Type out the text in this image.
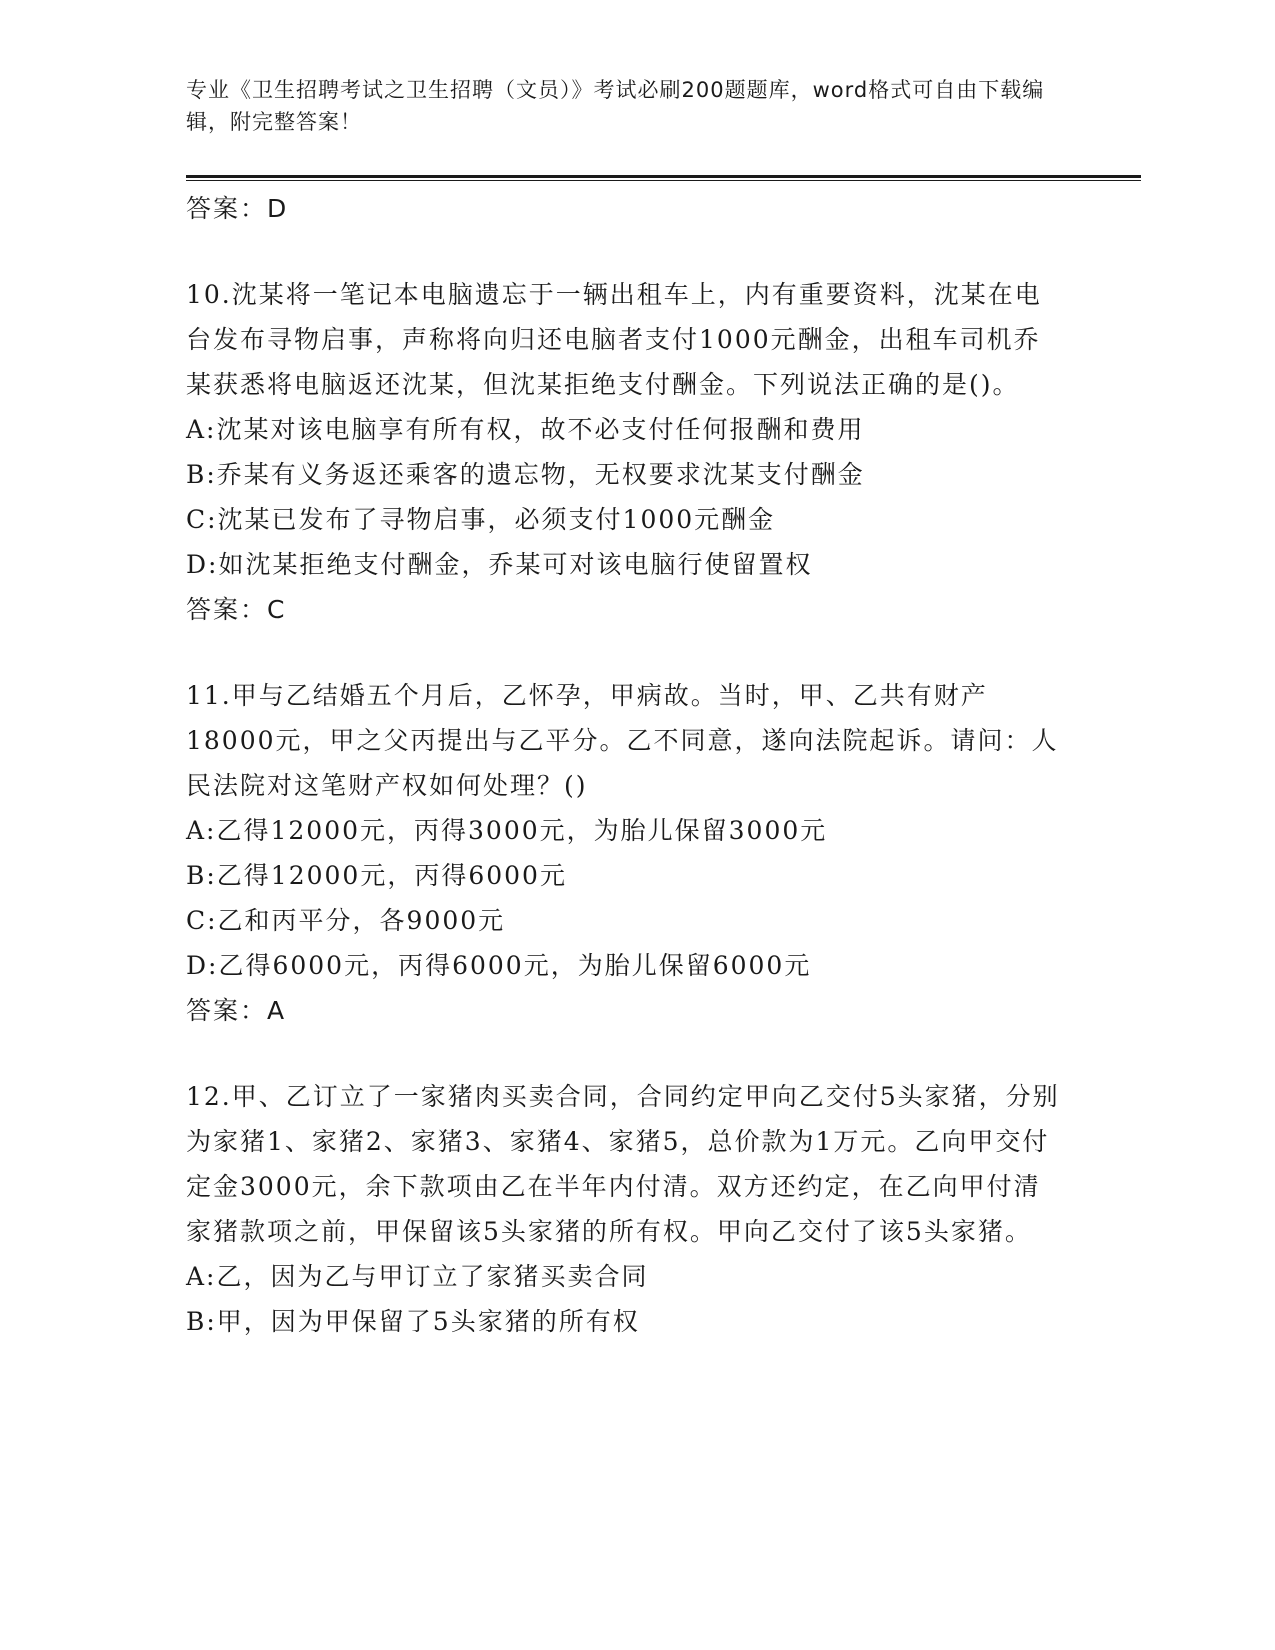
专业《卫生招聘考试之卫生招聘（文员）》考试必刷200题题库，word格式可自由下载编辑，附完整答案！
答案：D
10.沈某将一笔记本电脑遗忘于一辆出租车上，内有重要资料，沈某在电台发布寻物启事，声称将向归还电脑者支付1000元酬金，出租车司机乔某获悉将电脑返还沈某，但沈某拒绝支付酬金。下列说法正确的是()。
A:沈某对该电脑享有所有权，故不必支付任何报酬和费用
B:乔某有义务返还乘客的遗忘物，无权要求沈某支付酬金
C:沈某已发布了寻物启事，必须支付1000元酬金
D:如沈某拒绝支付酬金，乔某可对该电脑行使留置权
答案：C
11.甲与乙结婚五个月后，乙怀孕，甲病故。当时，甲、乙共有财产18000元，甲之父丙提出与乙平分。乙不同意，遂向法院起诉。请问：人民法院对这笔财产权如何处理？()
A:乙得12000元，丙得3000元，为胎儿保留3000元
B:乙得12000元，丙得6000元
C:乙和丙平分，各9000元
D:乙得6000元，丙得6000元，为胎儿保留6000元
答案：A
12.甲、乙订立了一家猪肉买卖合同，合同约定甲向乙交付5头家猪，分别为家猪1、家猪2、家猪3、家猪4、家猪5，总价款为1万元。乙向甲交付定金3000元，余下款项由乙在半年内付清。双方还约定，在乙向甲付清家猪款项之前，甲保留该5头家猪的所有权。甲向乙交付了该5头家猪。
A:乙，因为乙与甲订立了家猪买卖合同
B:甲，因为甲保留了5头家猪的所有权
